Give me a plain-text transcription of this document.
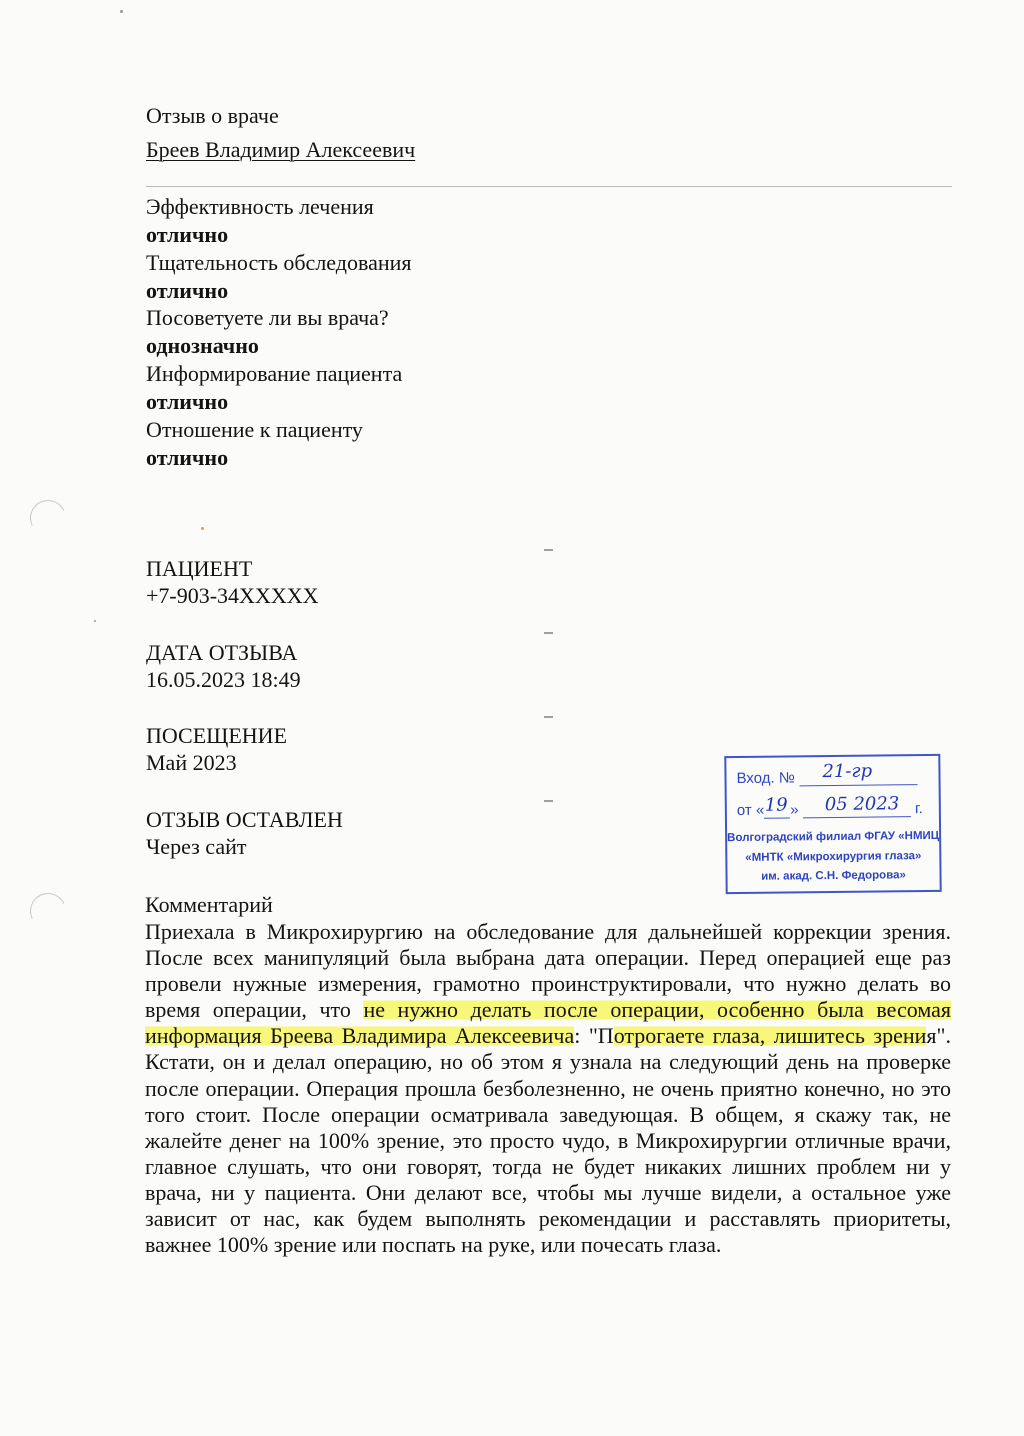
Отзыв о враче
Бреев Владимир Алексеевич
Эффективность лечения
отлично
Тщательность обследования
отлично
Посоветуете ли вы врача?
однозначно
Информирование пациента
отлично
Отношение к пациенту
отлично
ПАЦИЕНТ
+7-903-34XXXXX
ДАТА ОТЗЫВА
16.05.2023 18:49
ПОСЕЩЕНИЕ
Май 2023
ОТЗЫВ ОСТАВЛЕН
Через сайт
Вход. №	21-гр
от « »	г.
19 05 2023
Волгоградский филиал ФГАУ «НМИЦ
«МНТК «Микрохирургия глаза»
им. акад. С.Н. Федорова»
Комментарий
Приехала в Микрохирургию на обследование для дальнейшей коррекции зрения. После всех манипуляций была выбрана дата операции. Перед операцией еще раз провели нужные измерения, грамотно проинструктировали, что нужно делать во время операции, что не нужно делать после операции, особенно была весомая информация Бреева Владимира Алексеевича: "Потрогаете глаза, лишитесь зрения". Кстати, он и делал операцию, но об этом я узнала на следующий день на проверке после операции. Операция прошла безболезненно, не очень приятно конечно, но это того стоит. После операции осматривала заведующая. В общем, я скажу так, не жалейте денег на 100% зрение, это просто чудо, в Микрохирургии отличные врачи, главное слушать, что они говорят, тогда не будет никаких лишних проблем ни у врача, ни у пациента. Они делают все, чтобы мы лучше видели, а остальное уже зависит от нас, как будем выполнять рекомендации и расставлять приоритеты, важнее 100% зрение или поспать на руке, или почесать глаза.
